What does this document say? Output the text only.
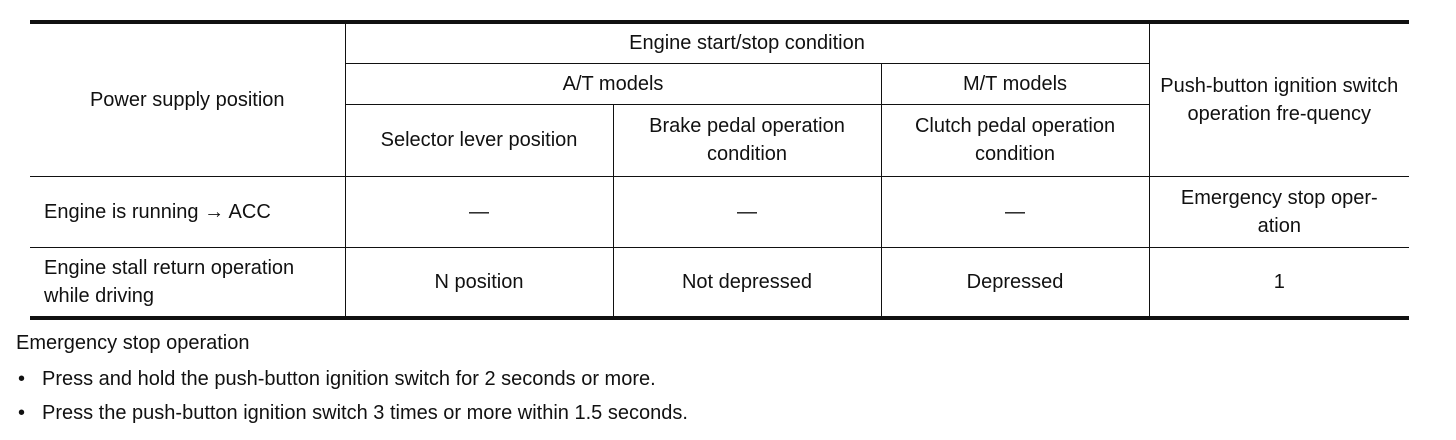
Power supply position	Engine start/stop condition			Push-button ignition switch operation fre-quency
	A/T models		M/T models	
	Selector lever position	Brake pedal operation condition	Clutch pedal operation condition	
Engine is running → ACC	—	—	—	Emergency stop oper-ation
Engine stall return operation while driving	N position	Not depressed	Depressed	1
Emergency stop operation
• Press and hold the push-button ignition switch for 2 seconds or more.
• Press the push-button ignition switch 3 times or more within 1.5 seconds.
